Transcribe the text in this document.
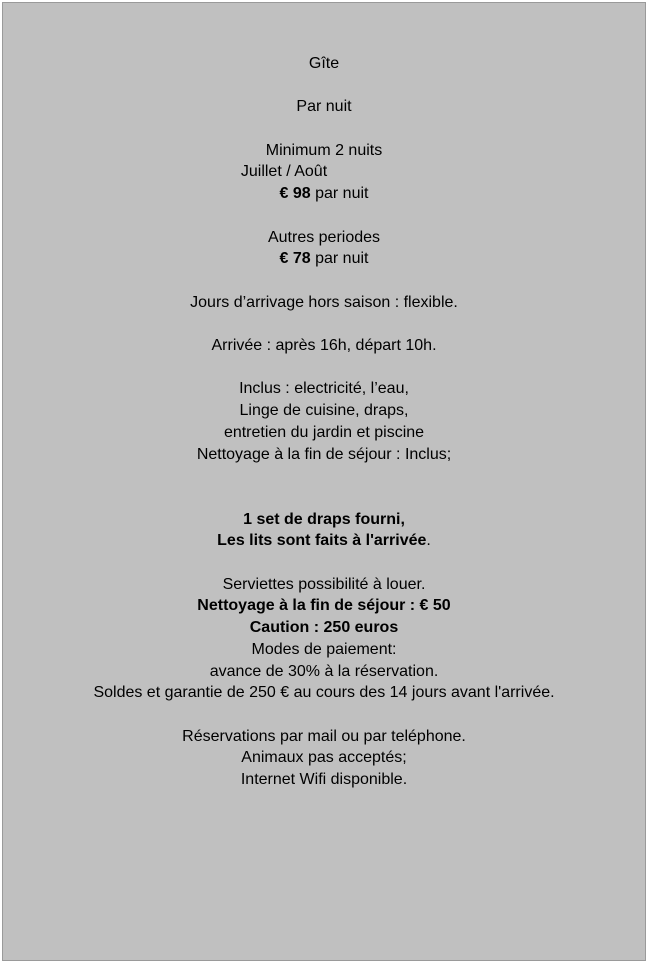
Gîte
Par nuit
Minimum 2 nuits
Juillet / Août
€ 98 par nuit
Autres periodes
€ 78 par nuit
Jours d’arrivage hors saison : flexible.
Arrivée : après 16h, départ 10h.
Inclus : electricité, l’eau,
Linge de cuisine, draps,
entretien du jardin et piscine
Nettoyage à la fin de séjour : Inclus;
1 set de draps fourni,
Les lits sont faits à l'arrivée.
Serviettes possibilité à louer.
Nettoyage à la fin de séjour : € 50
Caution : 250 euros
Modes de paiement:
avance de 30% à la réservation.
Soldes et garantie de 250 € au cours des 14 jours avant l'arrivée.
Réservations par mail ou par teléphone.
Animaux pas acceptés;
Internet Wifi disponible.
